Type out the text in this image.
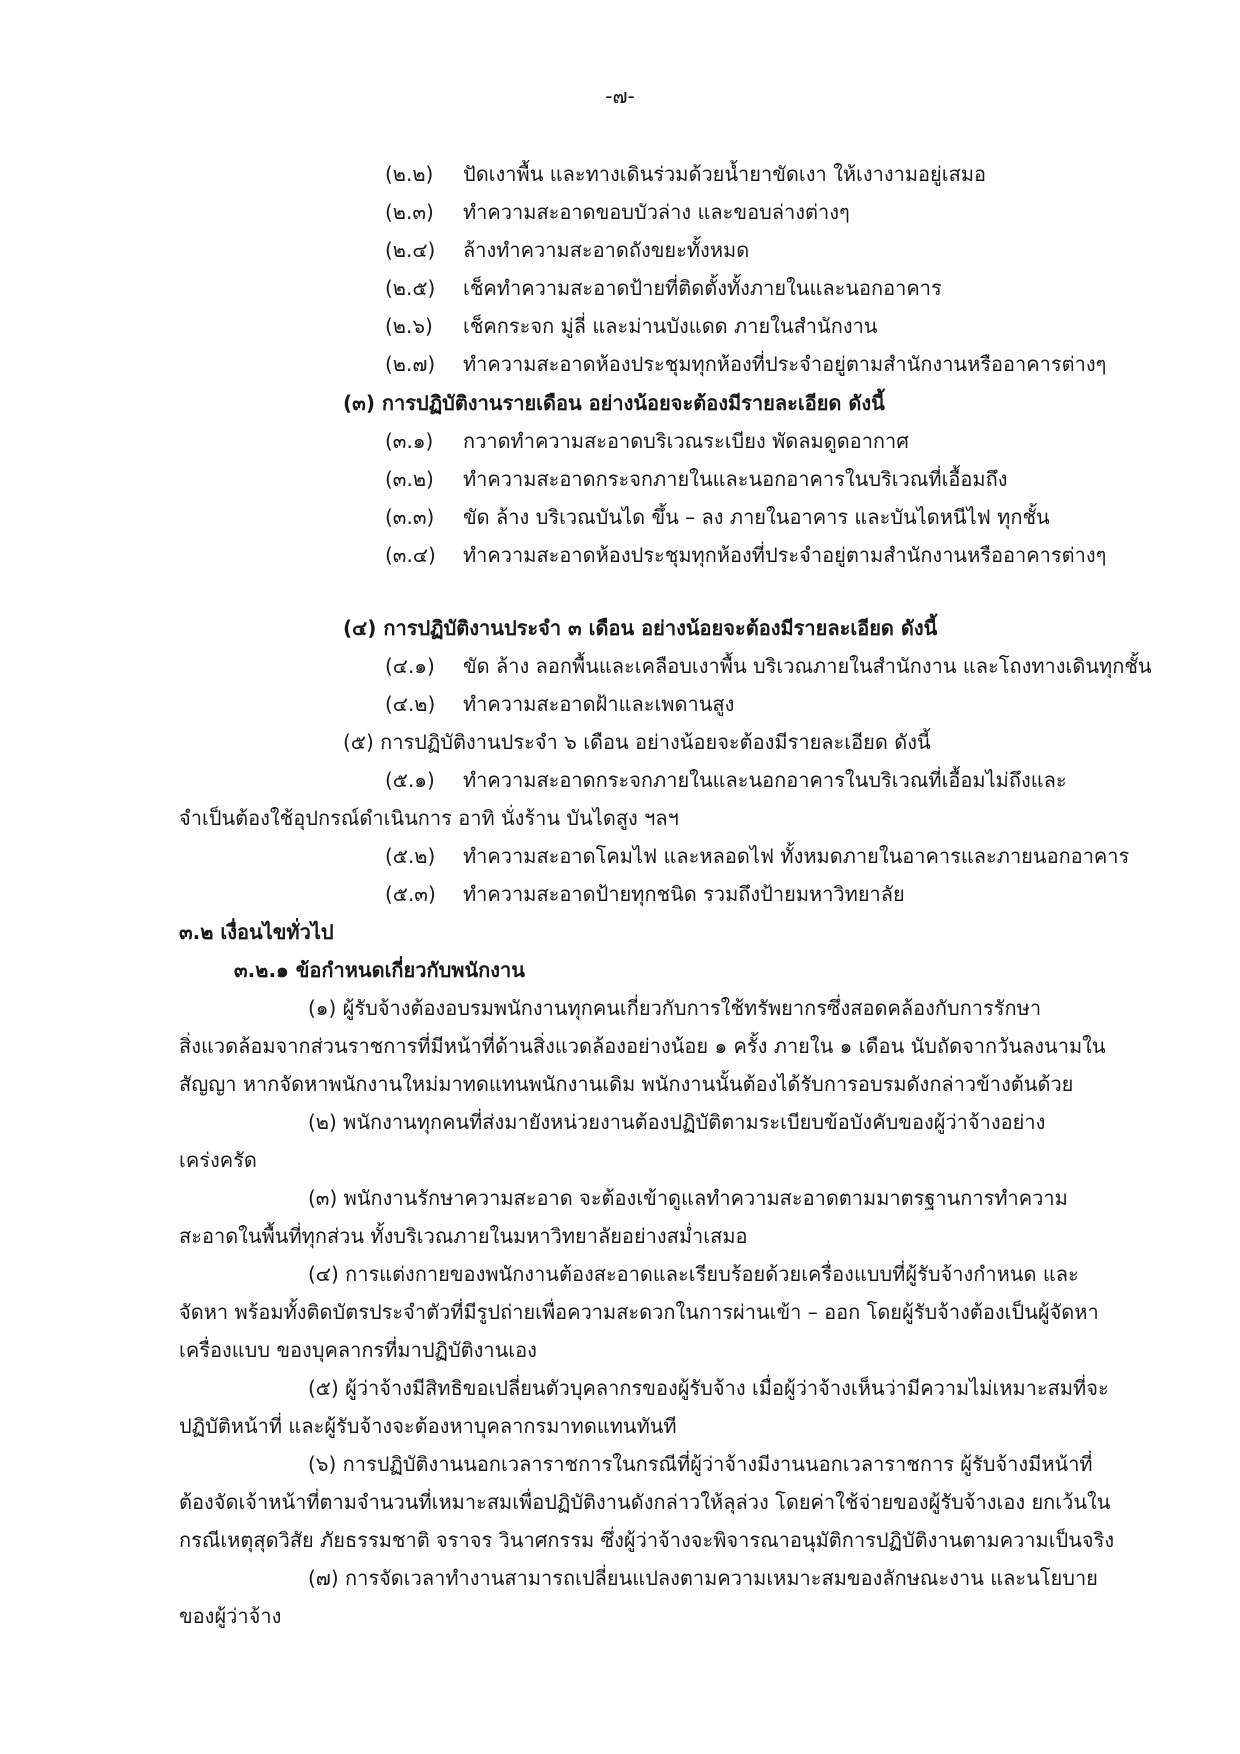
-๗-
(๒.๒) ปัดเงาพื้น และทางเดินร่วมด้วยน้ำยาขัดเงา ให้เงางามอยู่เสมอ
(๒.๓) ทำความสะอาดขอบบัวล่าง และขอบล่างต่างๆ
(๒.๔) ล้างทำความสะอาดถังขยะทั้งหมด
(๒.๕) เช็คทำความสะอาดป้ายที่ติดตั้งทั้งภายในและนอกอาคาร
(๒.๖) เช็คกระจก มู่ลี่ และม่านบังแดด ภายในสำนักงาน
(๒.๗) ทำความสะอาดห้องประชุมทุกห้องที่ประจำอยู่ตามสำนักงานหรืออาคารต่างๆ
(๓) การปฏิบัติงานรายเดือน อย่างน้อยจะต้องมีรายละเอียด ดังนี้
(๓.๑) กวาดทำความสะอาดบริเวณระเบียง พัดลมดูดอากาศ
(๓.๒) ทำความสะอาดกระจกภายในและนอกอาคารในบริเวณที่เอื้อมถึง
(๓.๓) ขัด ล้าง บริเวณบันได ขึ้น – ลง ภายในอาคาร และบันไดหนีไฟ ทุกชั้น
(๓.๔) ทำความสะอาดห้องประชุมทุกห้องที่ประจำอยู่ตามสำนักงานหรืออาคารต่างๆ
(๔) การปฏิบัติงานประจำ ๓ เดือน อย่างน้อยจะต้องมีรายละเอียด ดังนี้
(๔.๑) ขัด ล้าง ลอกพื้นและเคลือบเงาพื้น บริเวณภายในสำนักงาน และโถงทางเดินทุกชั้น
(๔.๒) ทำความสะอาดฝ้าและเพดานสูง
(๕) การปฏิบัติงานประจำ ๖ เดือน อย่างน้อยจะต้องมีรายละเอียด ดังนี้
(๕.๑) ทำความสะอาดกระจกภายในและนอกอาคารในบริเวณที่เอื้อมไม่ถึงและ
จำเป็นต้องใช้อุปกรณ์ดำเนินการ อาทิ นั่งร้าน บันไดสูง ฯลฯ
(๕.๒) ทำความสะอาดโคมไฟ และหลอดไฟ ทั้งหมดภายในอาคารและภายนอกอาคาร
(๕.๓) ทำความสะอาดป้ายทุกชนิด รวมถึงป้ายมหาวิทยาลัย
๓.๒ เงื่อนไขทั่วไป
๓.๒.๑ ข้อกำหนดเกี่ยวกับพนักงาน
(๑) ผู้รับจ้างต้องอบรมพนักงานทุกคนเกี่ยวกับการใช้ทรัพยากรซึ่งสอดคล้องกับการรักษา
สิ่งแวดล้อมจากส่วนราชการที่มีหน้าที่ด้านสิ่งแวดล้องอย่างน้อย ๑ ครั้ง ภายใน ๑ เดือน นับถัดจากวันลงนามใน
สัญญา หากจัดหาพนักงานใหม่มาทดแทนพนักงานเดิม พนักงานนั้นต้องได้รับการอบรมดังกล่าวข้างต้นด้วย
(๒) พนักงานทุกคนที่ส่งมายังหน่วยงานต้องปฏิบัติตามระเบียบข้อบังคับของผู้ว่าจ้างอย่าง
เคร่งครัด
(๓) พนักงานรักษาความสะอาด จะต้องเข้าดูแลทำความสะอาดตามมาตรฐานการทำความ
สะอาดในพื้นที่ทุกส่วน ทั้งบริเวณภายในมหาวิทยาลัยอย่างสม่ำเสมอ
(๔) การแต่งกายของพนักงานต้องสะอาดและเรียบร้อยด้วยเครื่องแบบที่ผู้รับจ้างกำหนด และ
จัดหา พร้อมทั้งติดบัตรประจำตัวที่มีรูปถ่ายเพื่อความสะดวกในการผ่านเข้า – ออก โดยผู้รับจ้างต้องเป็นผู้จัดหา
เครื่องแบบ ของบุคลากรที่มาปฏิบัติงานเอง
(๕) ผู้ว่าจ้างมีสิทธิขอเปลี่ยนตัวบุคลากรของผู้รับจ้าง เมื่อผู้ว่าจ้างเห็นว่ามีความไม่เหมาะสมที่จะ
ปฏิบัติหน้าที่ และผู้รับจ้างจะต้องหาบุคลากรมาทดแทนทันที
(๖) การปฏิบัติงานนอกเวลาราชการในกรณีที่ผู้ว่าจ้างมีงานนอกเวลาราชการ ผู้รับจ้างมีหน้าที่
ต้องจัดเจ้าหน้าที่ตามจำนวนที่เหมาะสมเพื่อปฏิบัติงานดังกล่าวให้ลุล่วง โดยค่าใช้จ่ายของผู้รับจ้างเอง ยกเว้นใน
กรณีเหตุสุดวิสัย ภัยธรรมชาติ จราจร วินาศกรรม ซึ่งผู้ว่าจ้างจะพิจารณาอนุมัติการปฏิบัติงานตามความเป็นจริง
(๗) การจัดเวลาทำงานสามารถเปลี่ยนแปลงตามความเหมาะสมของลักษณะงาน และนโยบาย
ของผู้ว่าจ้าง
